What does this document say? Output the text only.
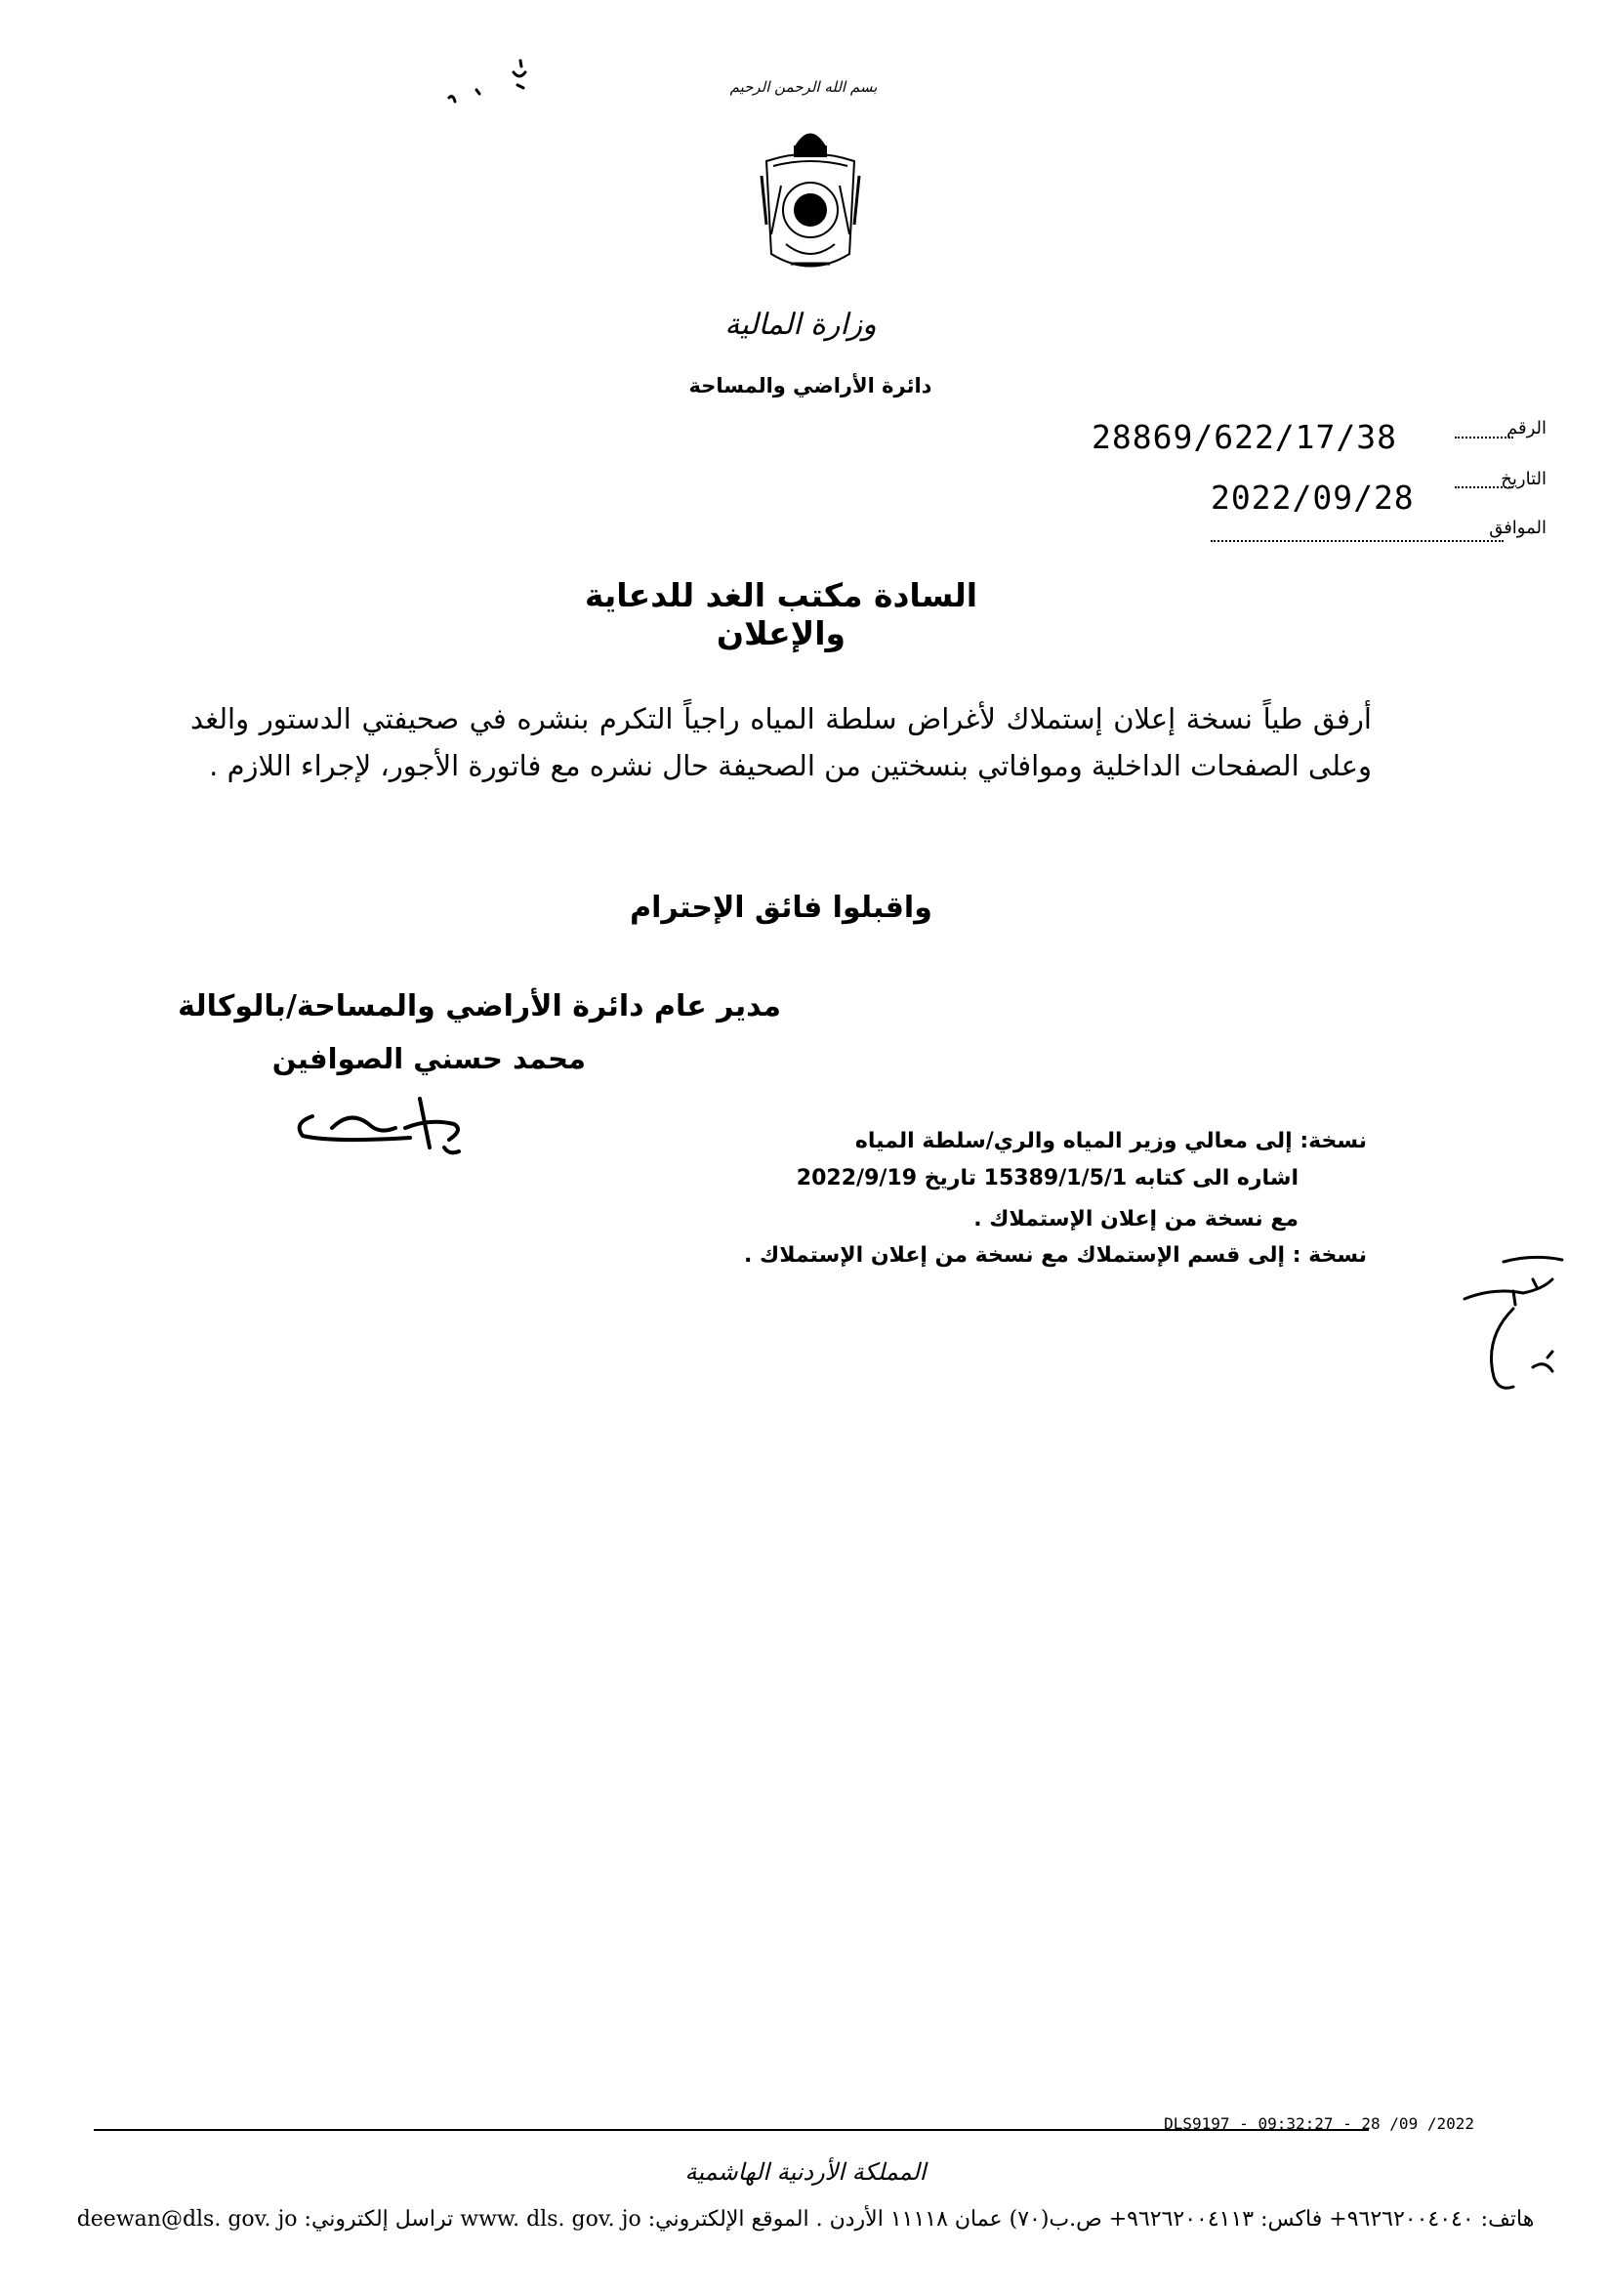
بسم الله الرحمن الرحيم
وزارة المالية
دائرة الأراضي والمساحة
الرقم
28869/622/17/38
التاريخ
2022/09/28
الموافق
السادة مكتب الغد للدعاية والإعلان
أرفق طياً نسخة إعلان إستملاك لأغراض سلطة المياه راجياً التكرم بنشره في صحيفتي الدستور والغد وعلى الصفحات الداخلية وموافاتي بنسختين من الصحيفة حال نشره مع فاتورة الأجور، لإجراء اللازم .
واقبلوا فائق الإحترام
مدير عام دائرة الأراضي والمساحة/بالوكالة
محمد حسني الصوافين
نسخة: إلى معالي وزير المياه والري/سلطة المياه
اشاره الى كتابه 15389/1/5/1 تاريخ 2022/9/19
مع نسخة من إعلان الإستملاك .
نسخة : إلى قسم الإستملاك مع نسخة من إعلان الإستملاك .
DLS9197 - 09:32:27 - 28 /09 /2022
المملكة الأردنية الهاشمية
هاتف: ٩٦٢٦٢٠٠٤٠٤٠+ فاكس: ٩٦٢٦٢٠٠٤١١٣+ ص.ب(٧٠) عمان ١١١١٨ الأردن . الموقع الإلكتروني: www. dls. gov. jo تراسل إلكتروني: deewan@dls. gov. jo
